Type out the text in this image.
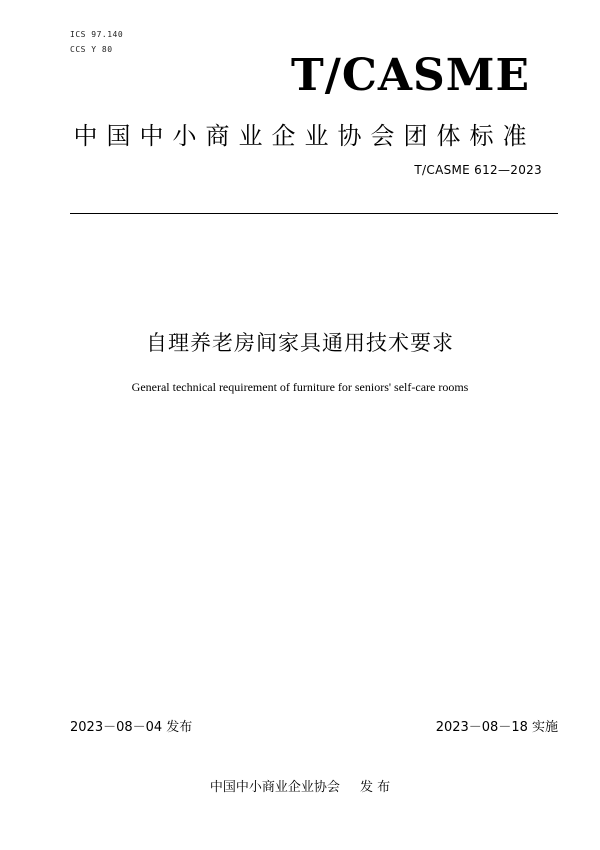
ICS 97.140
CCS Y 80
T/CASME
中国中小商业企业协会团体标准
T/CASME 612—2023
自理养老房间家具通用技术要求
General technical requirement of furniture for seniors' self-care rooms
2023－08－04 发布	2023－08－18 实施
中国中小商业企业协会 发 布
